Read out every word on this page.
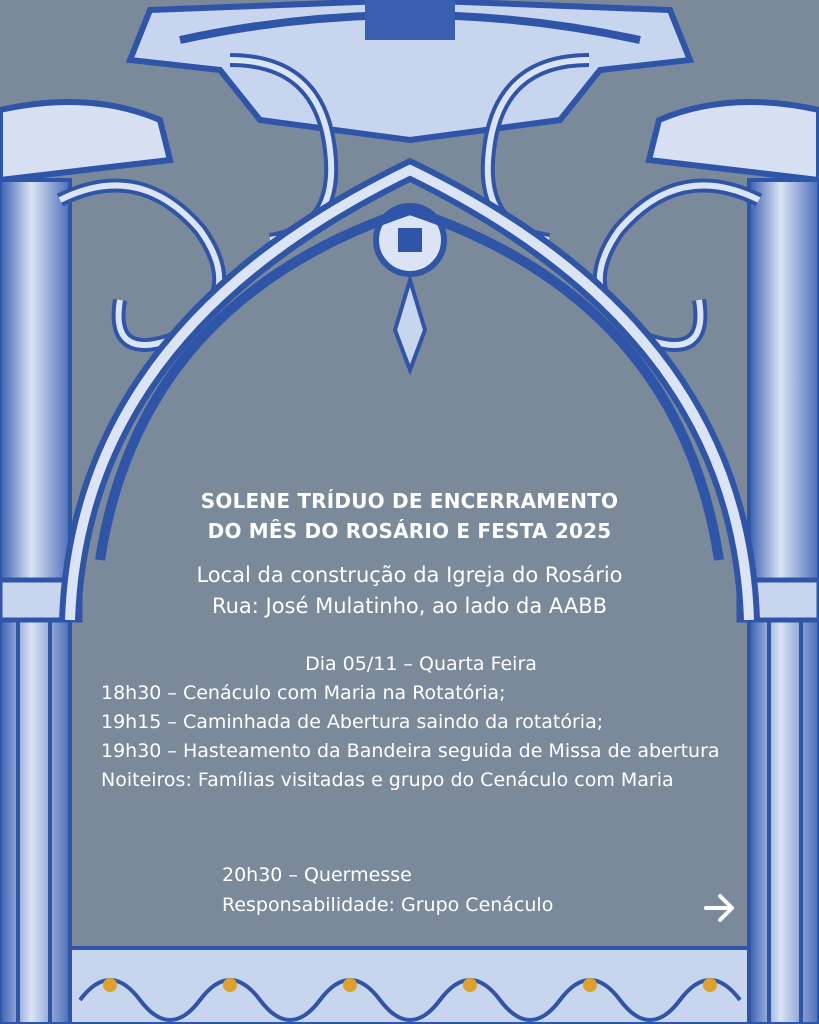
SOLENE TRÍDUO DE ENCERRAMENTO
DO MÊS DO ROSÁRIO E FESTA 2025
Local da construção da Igreja do Rosário
Rua: José Mulatinho, ao lado da AABB
Dia 05/11 – Quarta Feira
18h30 – Cenáculo com Maria na Rotatória;
19h15 – Caminhada de Abertura saindo da rotatória;
19h30 – Hasteamento da Bandeira seguida de Missa de abertura
Noiteiros: Famílias visitadas e grupo do Cenáculo com Maria
20h30 – Quermesse
Responsabilidade: Grupo Cenáculo
